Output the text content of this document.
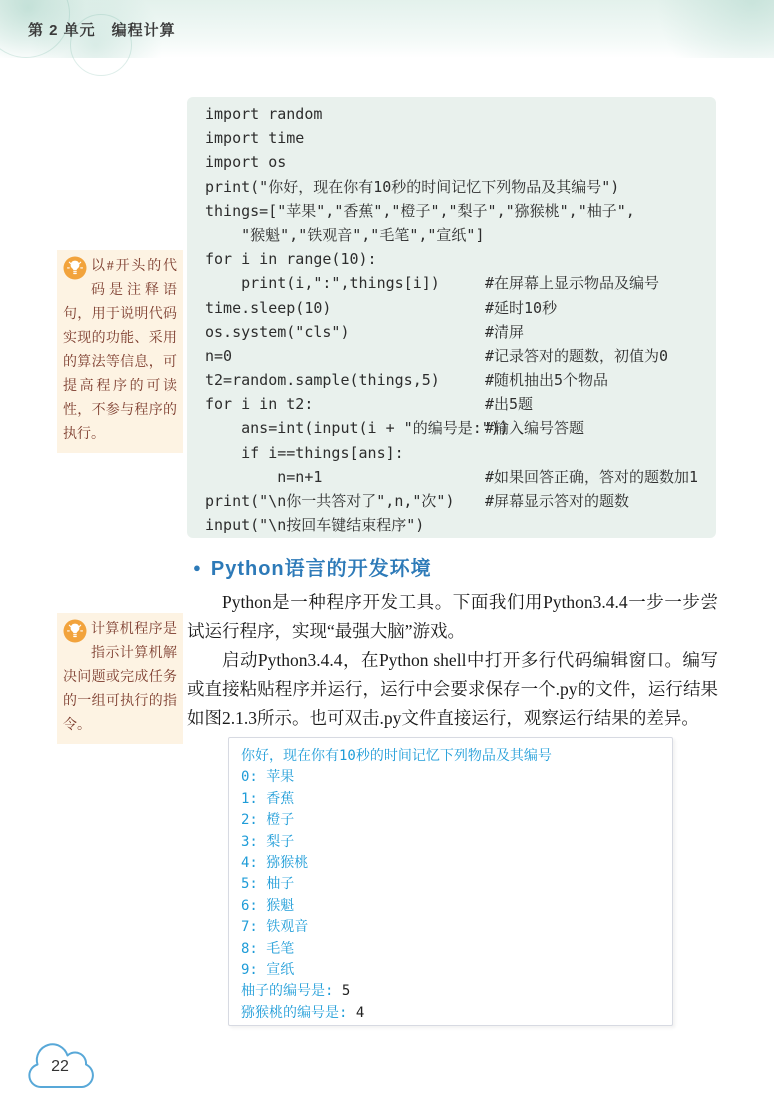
第 2 单元　编程计算
import random
import time
import os
print("你好，现在你有10秒的时间记忆下列物品及其编号")
things=["苹果","香蕉","橙子","梨子","猕猴桃","柚子",
"猴魁","铁观音","毛笔","宣纸"]
for i in range(10):
print(i,":",things[i])	#在屏幕上显示物品及编号
time.sleep(10)	#延时10秒
os.system("cls")	#清屏
n=0	#记录答对的题数，初值为0
t2=random.sample(things,5)	#随机抽出5个物品
for i in t2:	#出5题
ans=int(input(i + "的编号是:"))
#输入编号答题
if i==things[ans]:
n=n+1	#如果回答正确，答对的题数加1
print("\n你一共答对了",n,"次") #屏幕显示答对的题数
input("\n按回车键结束程序")
以#开头的代码是注释语句，用于说明代码实现的功能、采用的算法等信息，可提高程序的可读性，不参与程序的执行。
计算机程序是指示计算机解决问题或完成任务的一组可执行的指令。
● Python语言的开发环境

Python是一种程序开发工具。下面我们用Python3.4.4一步一步尝试运行程序，实现“最强大脑”游戏。

启动Python3.4.4，在Python shell中打开多行代码编辑窗口。编写或直接粘贴程序并运行，运行中会要求保存一个.py的文件，运行结果如图2.1.3所示。也可双击.py文件直接运行，观察运行结果的差异。

你好，现在你有10秒的时间记忆下列物品及其编号
0: 苹果
1: 香蕉
2: 橙子
3: 梨子
4: 猕猴桃
5: 柚子
6: 猴魁
7: 铁观音
8: 毛笔
9: 宣纸
柚子的编号是: 5
猕猴桃的编号是: 4
22
